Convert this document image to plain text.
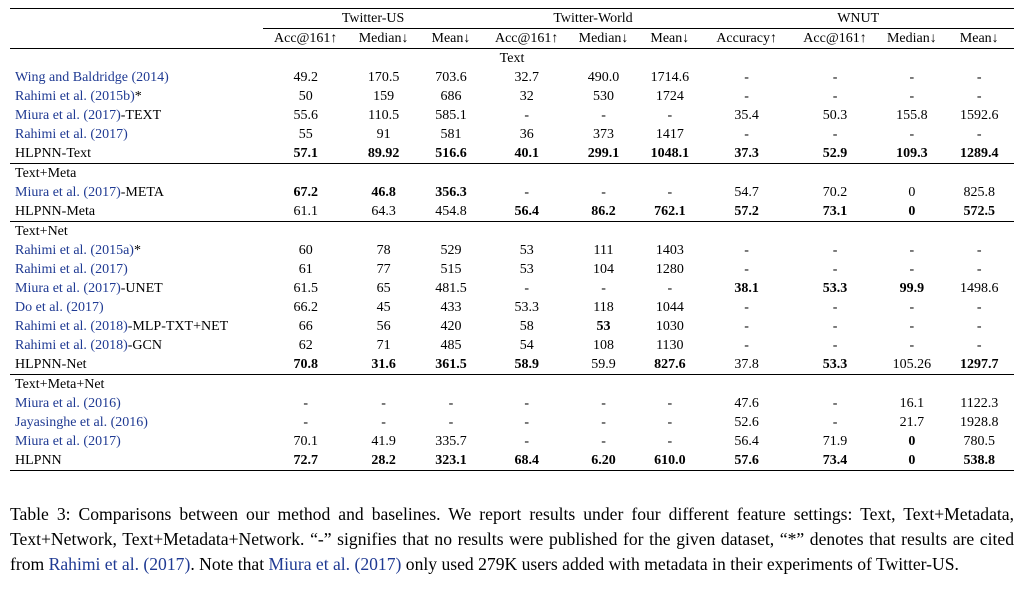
	Twitter-US			Twitter-World			WNUT			
	Acc@161↑	Median↓	Mean↓	Acc@161↑	Median↓	Mean↓	Accuracy↑	Acc@161↑	Median↓	Mean↓
Text										
Wing and Baldridge (2014)	49.2	170.5	703.6	32.7	490.0	1714.6	-	-	-	-
Rahimi et al. (2015b)*	50	159	686	32	530	1724	-	-	-	-
Miura et al. (2017)-TEXT	55.6	110.5	585.1	-	-	-	35.4	50.3	155.8	1592.6
Rahimi et al. (2017)	55	91	581	36	373	1417	-	-	-	-
HLPNN-Text	57.1	89.92	516.6	40.1	299.1	1048.1	37.3	52.9	109.3	1289.4
Text+Meta										
Miura et al. (2017)-META	67.2	46.8	356.3	-	-	-	54.7	70.2	0	825.8
HLPNN-Meta	61.1	64.3	454.8	56.4	86.2	762.1	57.2	73.1	0	572.5
Text+Net										
Rahimi et al. (2015a)*	60	78	529	53	111	1403	-	-	-	-
Rahimi et al. (2017)	61	77	515	53	104	1280	-	-	-	-
Miura et al. (2017)-UNET	61.5	65	481.5	-	-	-	38.1	53.3	99.9	1498.6
Do et al. (2017)	66.2	45	433	53.3	118	1044	-	-	-	-
Rahimi et al. (2018)-MLP-TXT+NET	66	56	420	58	53	1030	-	-	-	-
Rahimi et al. (2018)-GCN	62	71	485	54	108	1130	-	-	-	-
HLPNN-Net	70.8	31.6	361.5	58.9	59.9	827.6	37.8	53.3	105.26	1297.7
Text+Meta+Net										
Miura et al. (2016)	-	-	-	-	-	-	47.6	-	16.1	1122.3
Jayasinghe et al. (2016)	-	-	-	-	-	-	52.6	-	21.7	1928.8
Miura et al. (2017)	70.1	41.9	335.7	-	-	-	56.4	71.9	0	780.5
HLPNN	72.7	28.2	323.1	68.4	6.20	610.0	57.6	73.4	0	538.8

Table 3: Comparisons between our method and baselines. We report results under four different feature settings: Text, Text+Metadata, Text+Network, Text+Metadata+Network. “-” signifies that no results were published for the given dataset, “*” denotes that results are cited from Rahimi et al. (2017). Note that Miura et al. (2017) only used 279K users added with metadata in their experiments of Twitter-US.
